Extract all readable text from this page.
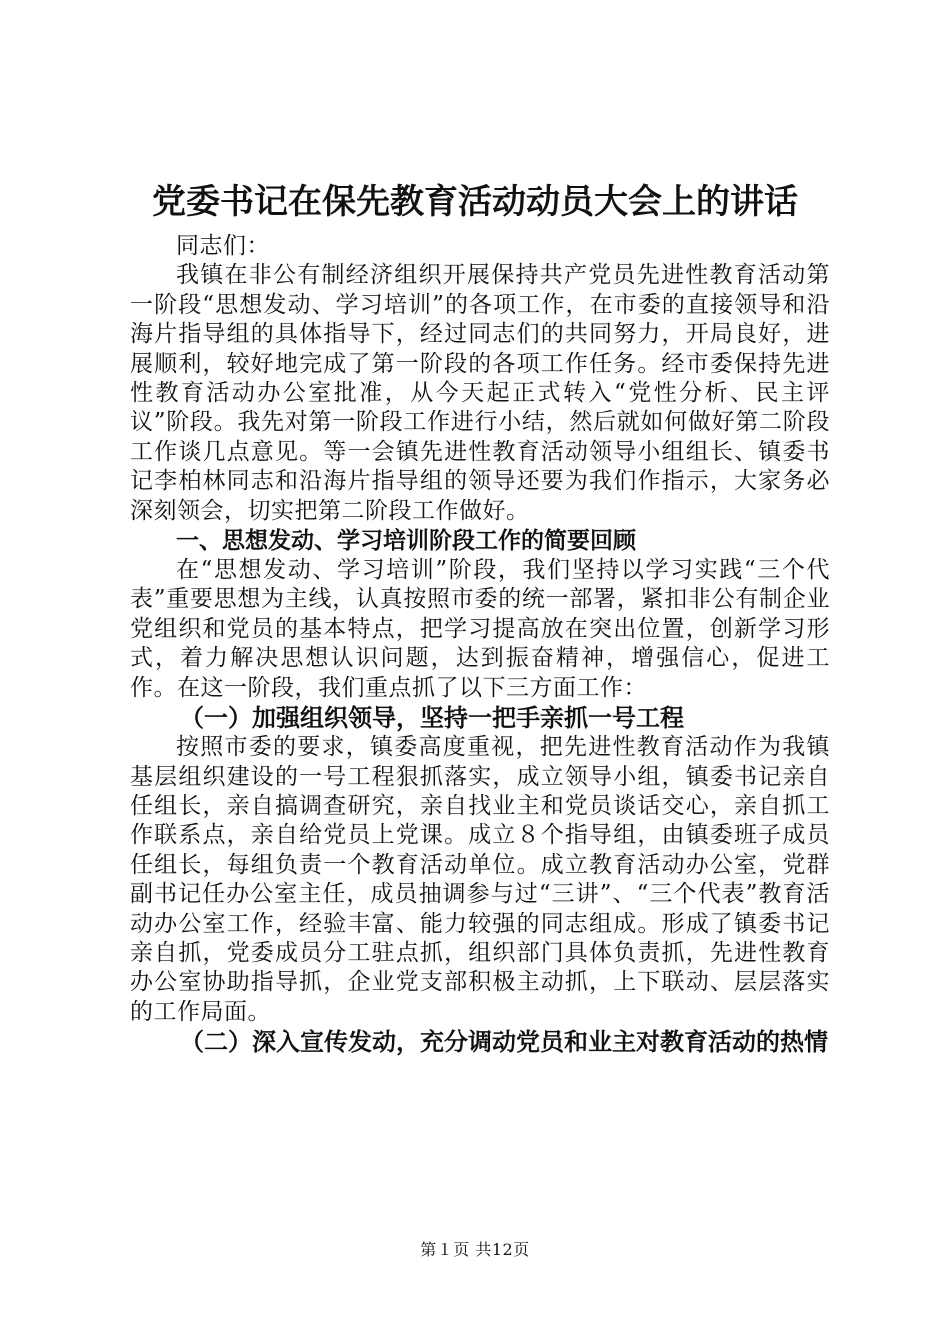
党委书记在保先教育活动动员大会上的讲话

同志们：

我镇在非公有制经济组织开展保持共产党员先进性教育活动第一阶段“思想发动、学习培训”的各项工作，在市委的直接领导和沿海片指导组的具体指导下，经过同志们的共同努力，开局良好，进展顺利，较好地完成了第一阶段的各项工作任务。经市委保持先进性教育活动办公室批准，从今天起正式转入“党性分析、民主评议”阶段。我先对第一阶段工作进行小结，然后就如何做好第二阶段工作谈几点意见。等一会镇先进性教育活动领导小组组长、镇委书记李柏林同志和沿海片指导组的领导还要为我们作指示，大家务必深刻领会，切实把第二阶段工作做好。

一、思想发动、学习培训阶段工作的简要回顾

在“思想发动、学习培训”阶段，我们坚持以学习实践“三个代表”重要思想为主线，认真按照市委的统一部署，紧扣非公有制企业党组织和党员的基本特点，把学习提高放在突出位置，创新学习形式，着力解决思想认识问题，达到振奋精神，增强信心，促进工作。在这一阶段，我们重点抓了以下三方面工作：

（一）加强组织领导，坚持一把手亲抓一号工程

按照市委的要求，镇委高度重视，把先进性教育活动作为我镇基层组织建设的一号工程狠抓落实，成立领导小组，镇委书记亲自任组长，亲自搞调查研究，亲自找业主和党员谈话交心，亲自抓工作联系点，亲自给党员上党课。成立８个指导组，由镇委班子成员任组长，每组负责一个教育活动单位。成立教育活动办公室，党群副书记任办公室主任，成员抽调参与过“三讲”、“三个代表”教育活动办公室工作，经验丰富、能力较强的同志组成。形成了镇委书记亲自抓，党委成员分工驻点抓，组织部门具体负责抓，先进性教育办公室协助指导抓，企业党支部积极主动抓，上下联动、层层落实的工作局面。

（二）深入宣传发动，充分调动党员和业主对教育活动的热情

第１页 共12页
